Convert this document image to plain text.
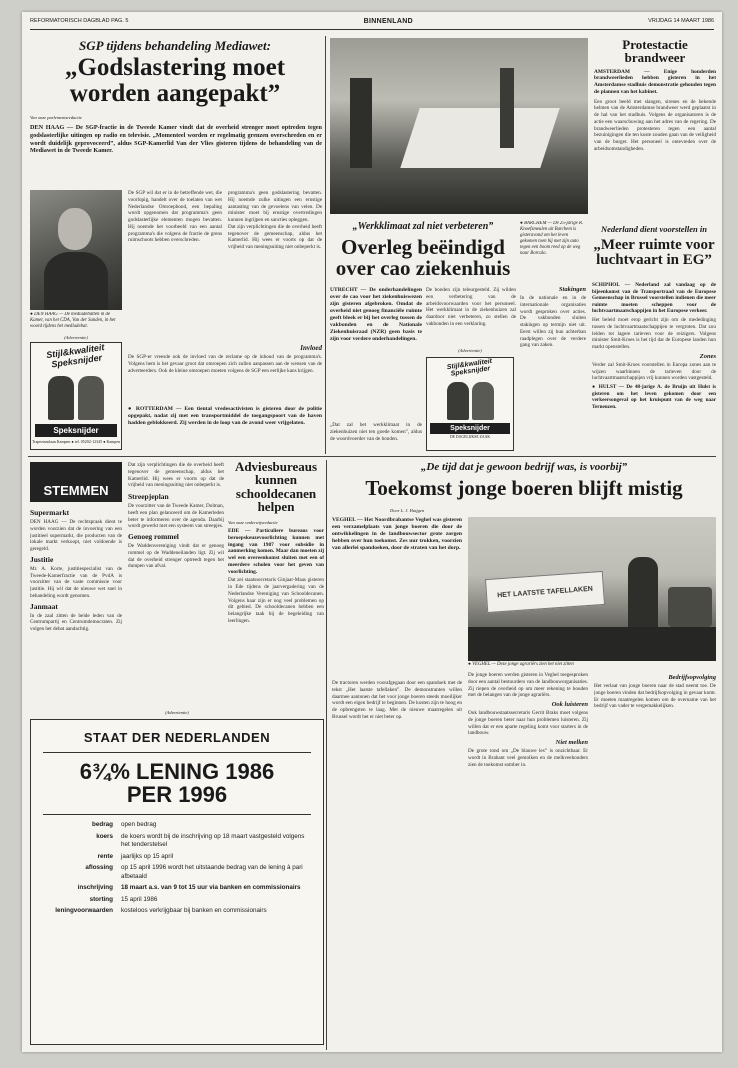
REFORMATORISCH DAGBLAD PAG. 5	BINNENLAND	VRIJDAG 14 MAART 1986
SGP tijdens behandeling Mediawet:
„Godslastering moet worden aangepakt”
Van onze parlementsredactie
DEN HAAG — De SGP-fractie in de Tweede Kamer vindt dat de overheid strenger moet optreden tegen godslasterlijke uitingen op radio en televisie. „Momenteel worden er regelmatig grenzen overschreden en er wordt duidelijk geprovoceerd”, aldus SGP-Kamerlid Van der Vlies gisteren tijdens de behandeling van de Mediawet in de Tweede Kamer.
● DEN HAAG — De mediadebatten in de Kamer, van het CDA, Van der Sanden, in het woord tijdens het mediadebat.
De SGP wil dat er in de betreffende wet, die voorlopig, handelt over de toelaten van wet Nederlandse Omroepbond, een bepaling wordt opgenomen dat programma's geen godslasterlijke elementen mogen bevatten. Hij noemde het voorbeeld van een aantal programma's die volgens de fractie de grens ruimschoots hebben overschreden.
programma's geen godslastering bevatten. Hij noemde zulke uitingen een ernstige aantasting van de gevoelens van velen. De minister moet bij ernstige overtredingen kunnen ingrijpen en sancties opleggen.
Dat zijn verplichtingen die de overheid heeft tegenover de gemeenschap, aldus het Kamerlid. Hij wees er voorts op dat de vrijheid van meningsuiting niet onbeperkt is.
(Advertentie)
Stijl&kwaliteit Speksnijder
Speksnijder
Trapeziumlaan Kampen ● tel. 05202-12345 ● Kampen
Invloed
De SGP-er vreesde ook de invloed van de reclame op de inhoud van de programma's. Volgens hem is het gevaar groot dat omroepen zich zullen aanpassen aan de wensen van de adverteerders. Ook de kleine omroepen moeten volgens de SGP een eerlijke kans krijgen.
● ROTTERDAM — Een tiental vredesactivisten is gisteren door de politie opgepakt, nadat zij met een transportmiddel de toegangspoort van de haven hadden geblokkeerd. Zij werden in de loop van de avond weer vrijgelaten.
Protestactie brandweer
AMSTERDAM — Enige honderden brandweerlieden hebben gisteren in het Amsterdamse stadhuis demonstratie gehouden tegen de plannen van het kabinet.
Een groot beeld met slangen, sirenes en de bekende helmen van de Amsterdamse brandweer werd geplaatst in de hal van het stadhuis. Volgens de organisatoren is de actie een waarschuwing aan het adres van de regering. De brandweerlieden protesteren tegen een aantal bezuinigingen die ten koste zouden gaan van de veiligheid van de burger. Het personeel is ontevreden over de arbeidsomstandigheden.
„Werkklimaat zal niet verbeteren”
Overleg beëindigd over cao ziekenhuis
UTRECHT — De onderhandelingen over de cao voor het ziekenhuiswezen zijn gisteren afgebroken. Omdat de overheid niet genoeg financiële ruimte geeft bleek er bij het overleg tussen de vakbonden en de Nationale Ziekenhuisraad (NZR) geen basis te zijn voor verdere onderhandelingen.
De bonden zijn teleurgesteld. Zij wilden een verbetering van de arbeidsvoorwaarden voor het personeel. Het werkklimaat in de ziekenhuizen zal daardoor niet verbeteren, zo stellen de vakbonden in een verklaring.
„Dat zal het werkklimaat in de ziekenhuizen niet ten goede komen”, aldus de woordvoerder van de bonden.
● BARCHEM — De 25-jarige R. Knoefsmeulen uit Barchem is gisteravond om het leven gekomen toen hij met zijn auto tegen een boom reed op de weg naar Borculo.
(Advertentie)
Stijl&kwaliteit Speksnijder
Speksnijder
DE DAGELIJKSE ZAAK
Stakingen
In de nationale en in de internationale organisaties wordt gesproken over acties. De vakbonden sluiten stakingen op termijn niet uit. Eerst willen zij hun achterban raadplegen over de verdere gang van zaken.
Nederland dient voorstellen in
„Meer ruimte voor luchtvaart in EG”
SCHIPHOL — Nederland zal vandaag op de bijeenkomst van de Transportraad van de Europese Gemeenschap in Brussel voorstellen indienen die meer ruimte moeten scheppen voor de luchtvaartmaatschappijen in het Europese verkeer.
Het beleid moet erop gericht zijn om de mededinging tussen de luchtvaartmaatschappijen te vergroten. Dat zou leiden tot lagere tarieven voor de reizigers. Volgens minister Smit-Kroes is het tijd dat de Europese landen hun markt openstellen.
Zones
Verder zal Smit-Kroes voorstellen in Europa zones aan te wijzen waarbinnen de tarieven door de luchtvaartmaatschappijen vrij kunnen worden vastgesteld.
● HULST — De 48-jarige A. de Bruijn uit Hulst is gisteren om het leven gekomen door een verkeersongeval op het kruispunt van de weg naar Terneuzen.
STEMMEN
Supermarkt
DEN HAAG — De rechtspraak dient te worden voorzien dat de invoering van een justitieel supermarkt, die producten van de lokale markt verkoopt, niet voldoende is geregeld.
Justitie
Mr. A. Korte, justitiespecialist van de Tweede-Kamerfractie van de PvdA is voorzitter van de vaste commissie voor justitie. Hij wil dat de nieuwe wet snel in behandeling wordt genomen.
Janmaat
In de zaal zitten de beide leden van de Centrumpartij en Centrumdemocraten. Zij volgen het debat aandachtig.
Dat zijn verplichtingen die de overheid heeft tegenover de gemeenschap, aldus het Kamerlid. Hij wees er voorts op dat de vrijheid van meningsuiting niet onbeperkt is.
Streepjeplan
De voorzitter van de Tweede Kamer, Dolman, heeft een plan gelanceerd om de Kamerleden beter te informeren over de agenda. Daarbij wordt gewerkt met een systeem van streepjes.
Genoeg rommel
De Waddenvereniging vindt dat er genoeg rommel op de Waddeneilanden ligt. Zij wil dat de overheid strenger optreedt tegen het dumpen van afval.
Adviesbureaus kunnen schooldecanen helpen
Van onze onderwijsredactie
EDE — Particuliere bureaus voor beroepskeuzevoorlichting kunnen met ingang van 1987 voor subsidie in aanmerking komen. Maar dan moeten zij wel een overeenkomst sluiten met een of meerdere scholen voor het geven van voorlichting.
Dat zei staatssecretaris Ginjaar-Maas gisteren in Ede tijdens de jaarvergadering van de Nederlandse Vereniging van Schooldecanen. Volgens haar zijn er nog veel problemen op dit gebied. De schooldecanen hebben een belangrijke taak bij de begeleiding van leerlingen.
„De tijd dat je gewoon bedrijf was, is voorbij”
Toekomst jonge boeren blijft mistig
Door L. J. Huijgen
VEGHEL — Het Noordbrabantse Veghel was gisteren een verzamelplaats van jonge boeren die door de ontwikkelingen in de landbouwsector grote zorgen hebben over hun toekomst. Zes uur trokken, voorzien van allerlei spandoeken, door de straten van het dorp.
HET LAATSTE TAFELLAKEN
● VEGHEL — Deze jonge agrariërs zien het niet zitten
De tractoren werden voorafgegaan door een spandoek met de tekst „Het laatste tafellaken”. De demonstranten willen daarmee aantonen dat het voor jonge boeren steeds moeilijker wordt een eigen bedrijf te beginnen. De kosten zijn te hoog en de opbrengsten te laag. Met de nieuwe maatregelen uit Brussel wordt het er niet beter op.
De jonge boeren werden gisteren in Veghel toegesproken door een aantal bestuurders van de landbouworganisaties. Zij riepen de overheid op om meer rekening te houden met de belangen van de jonge agrariërs.
Ook luisteren
Ook landbouwstaatssecretaris Gerrit Braks moet volgens de jonge boeren beter naar hun problemen luisteren. Zij willen dat er een aparte regeling komt voor starters in de landbouw.
Niet melken
De grote rond om „De blauwe les” is onzichtbaar. Er wordt in Brabant veel gemolken en de melkveehouders zien de toekomst somber in.
Bedrijfsopvolging
Het verlaat van jonge boeren naar de stad neemt toe. De jonge boeren vinden dat bedrijfsopvolging in gevaar komt. Er moeten maatregelen komen om de overname van het bedrijf van vader te vergemakkelijken.
(Advertentie)
STAAT DER NEDERLANDEN
6¾% LENING 1986
PER 1996
bedrag open bedrag
koers de koers wordt bij de inschrijving op 18 maart vastgesteld volgens het tenderstelsel
rente jaarlijks op 15 april
aflossing op 15 april 1996 wordt het uitstaande bedrag van de lening à pari afbetaald
inschrijving 18 maart a.s. van 9 tot 15 uur via banken en commissionairs
storting 15 april 1986
leningvoorwaarden kosteloos verkrijgbaar bij banken en commissionairs
